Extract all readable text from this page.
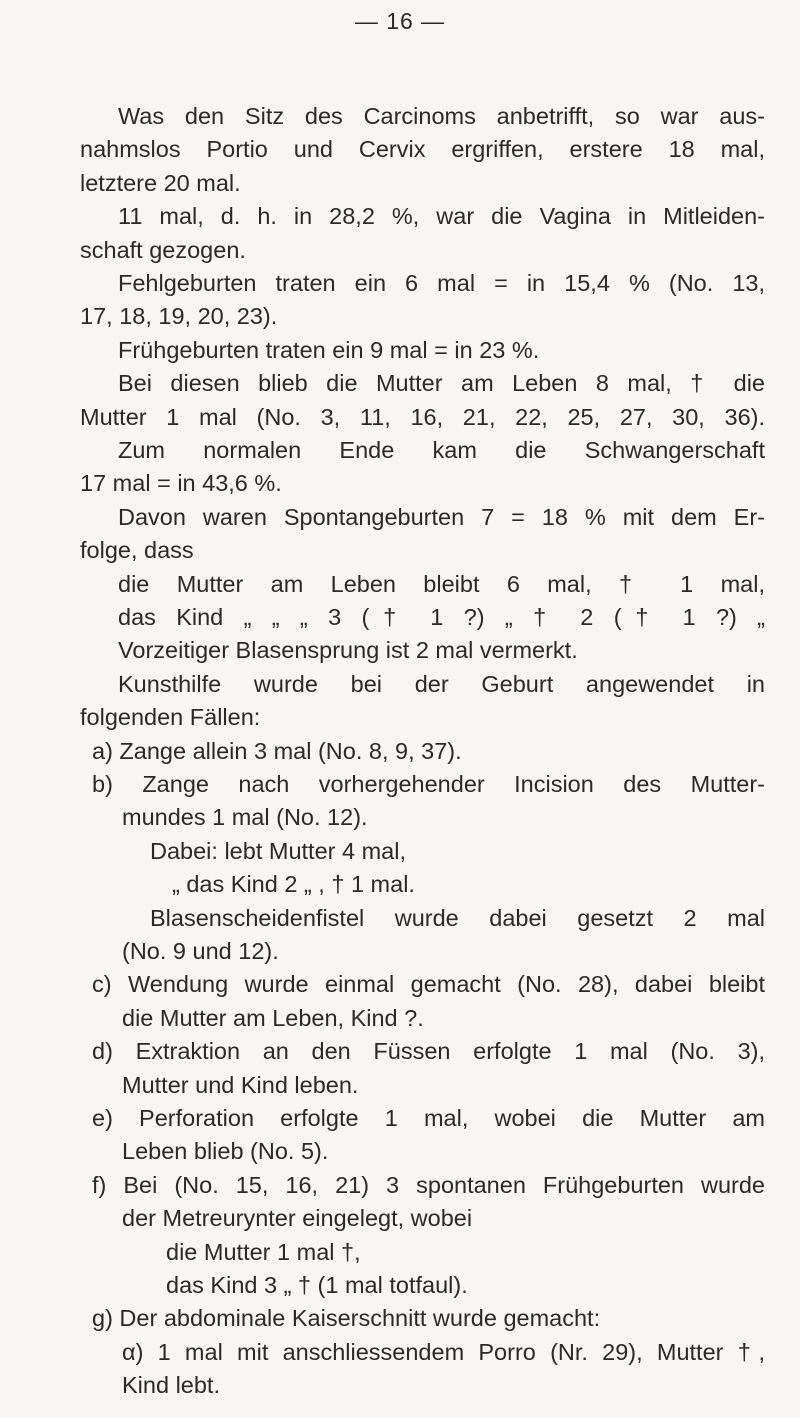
— 16 —
Was den Sitz des Carcinoms anbetrifft, so war aus-
nahmslos Portio und Cervix ergriffen, erstere 18 mal,
letztere 20 mal.
11 mal, d. h. in 28,2 %, war die Vagina in Mitleiden-
schaft gezogen.
Fehlgeburten traten ein 6 mal = in 15,4 % (No. 13,
17, 18, 19, 20, 23).
Frühgeburten traten ein 9 mal = in 23 %.
Bei diesen blieb die Mutter am Leben 8 mal, † die
Mutter 1 mal (No. 3, 11, 16, 21, 22, 25, 27, 30, 36).
Zum normalen Ende kam die Schwangerschaft
17 mal = in 43,6 %.
Davon waren Spontangeburten 7 = 18 % mit dem Er-
folge, dass
die Mutter am Leben bleibt 6 mal, † 1 mal,
das Kind „ „ „ 3 († 1 ?) „ † 2 († 1 ?) „
Vorzeitiger Blasensprung ist 2 mal vermerkt.
Kunsthilfe wurde bei der Geburt angewendet in
folgenden Fällen:
a) Zange allein 3 mal (No. 8, 9, 37).
b) Zange nach vorhergehender Incision des Mutter-
mundes 1 mal (No. 12).
Dabei: lebt Mutter 4 mal,
„ das Kind 2 „ , † 1 mal.
Blasenscheidenfistel wurde dabei gesetzt 2 mal
(No. 9 und 12).
c) Wendung wurde einmal gemacht (No. 28), dabei bleibt
die Mutter am Leben, Kind ?.
d) Extraktion an den Füssen erfolgte 1 mal (No. 3),
Mutter und Kind leben.
e) Perforation erfolgte 1 mal, wobei die Mutter am
Leben blieb (No. 5).
f) Bei (No. 15, 16, 21) 3 spontanen Frühgeburten wurde
der Metreurynter eingelegt, wobei
die Mutter 1 mal †,
das Kind 3 „ † (1 mal totfaul).
g) Der abdominale Kaiserschnitt wurde gemacht:
α) 1 mal mit anschliessendem Porro (Nr. 29), Mutter †,
Kind lebt.
